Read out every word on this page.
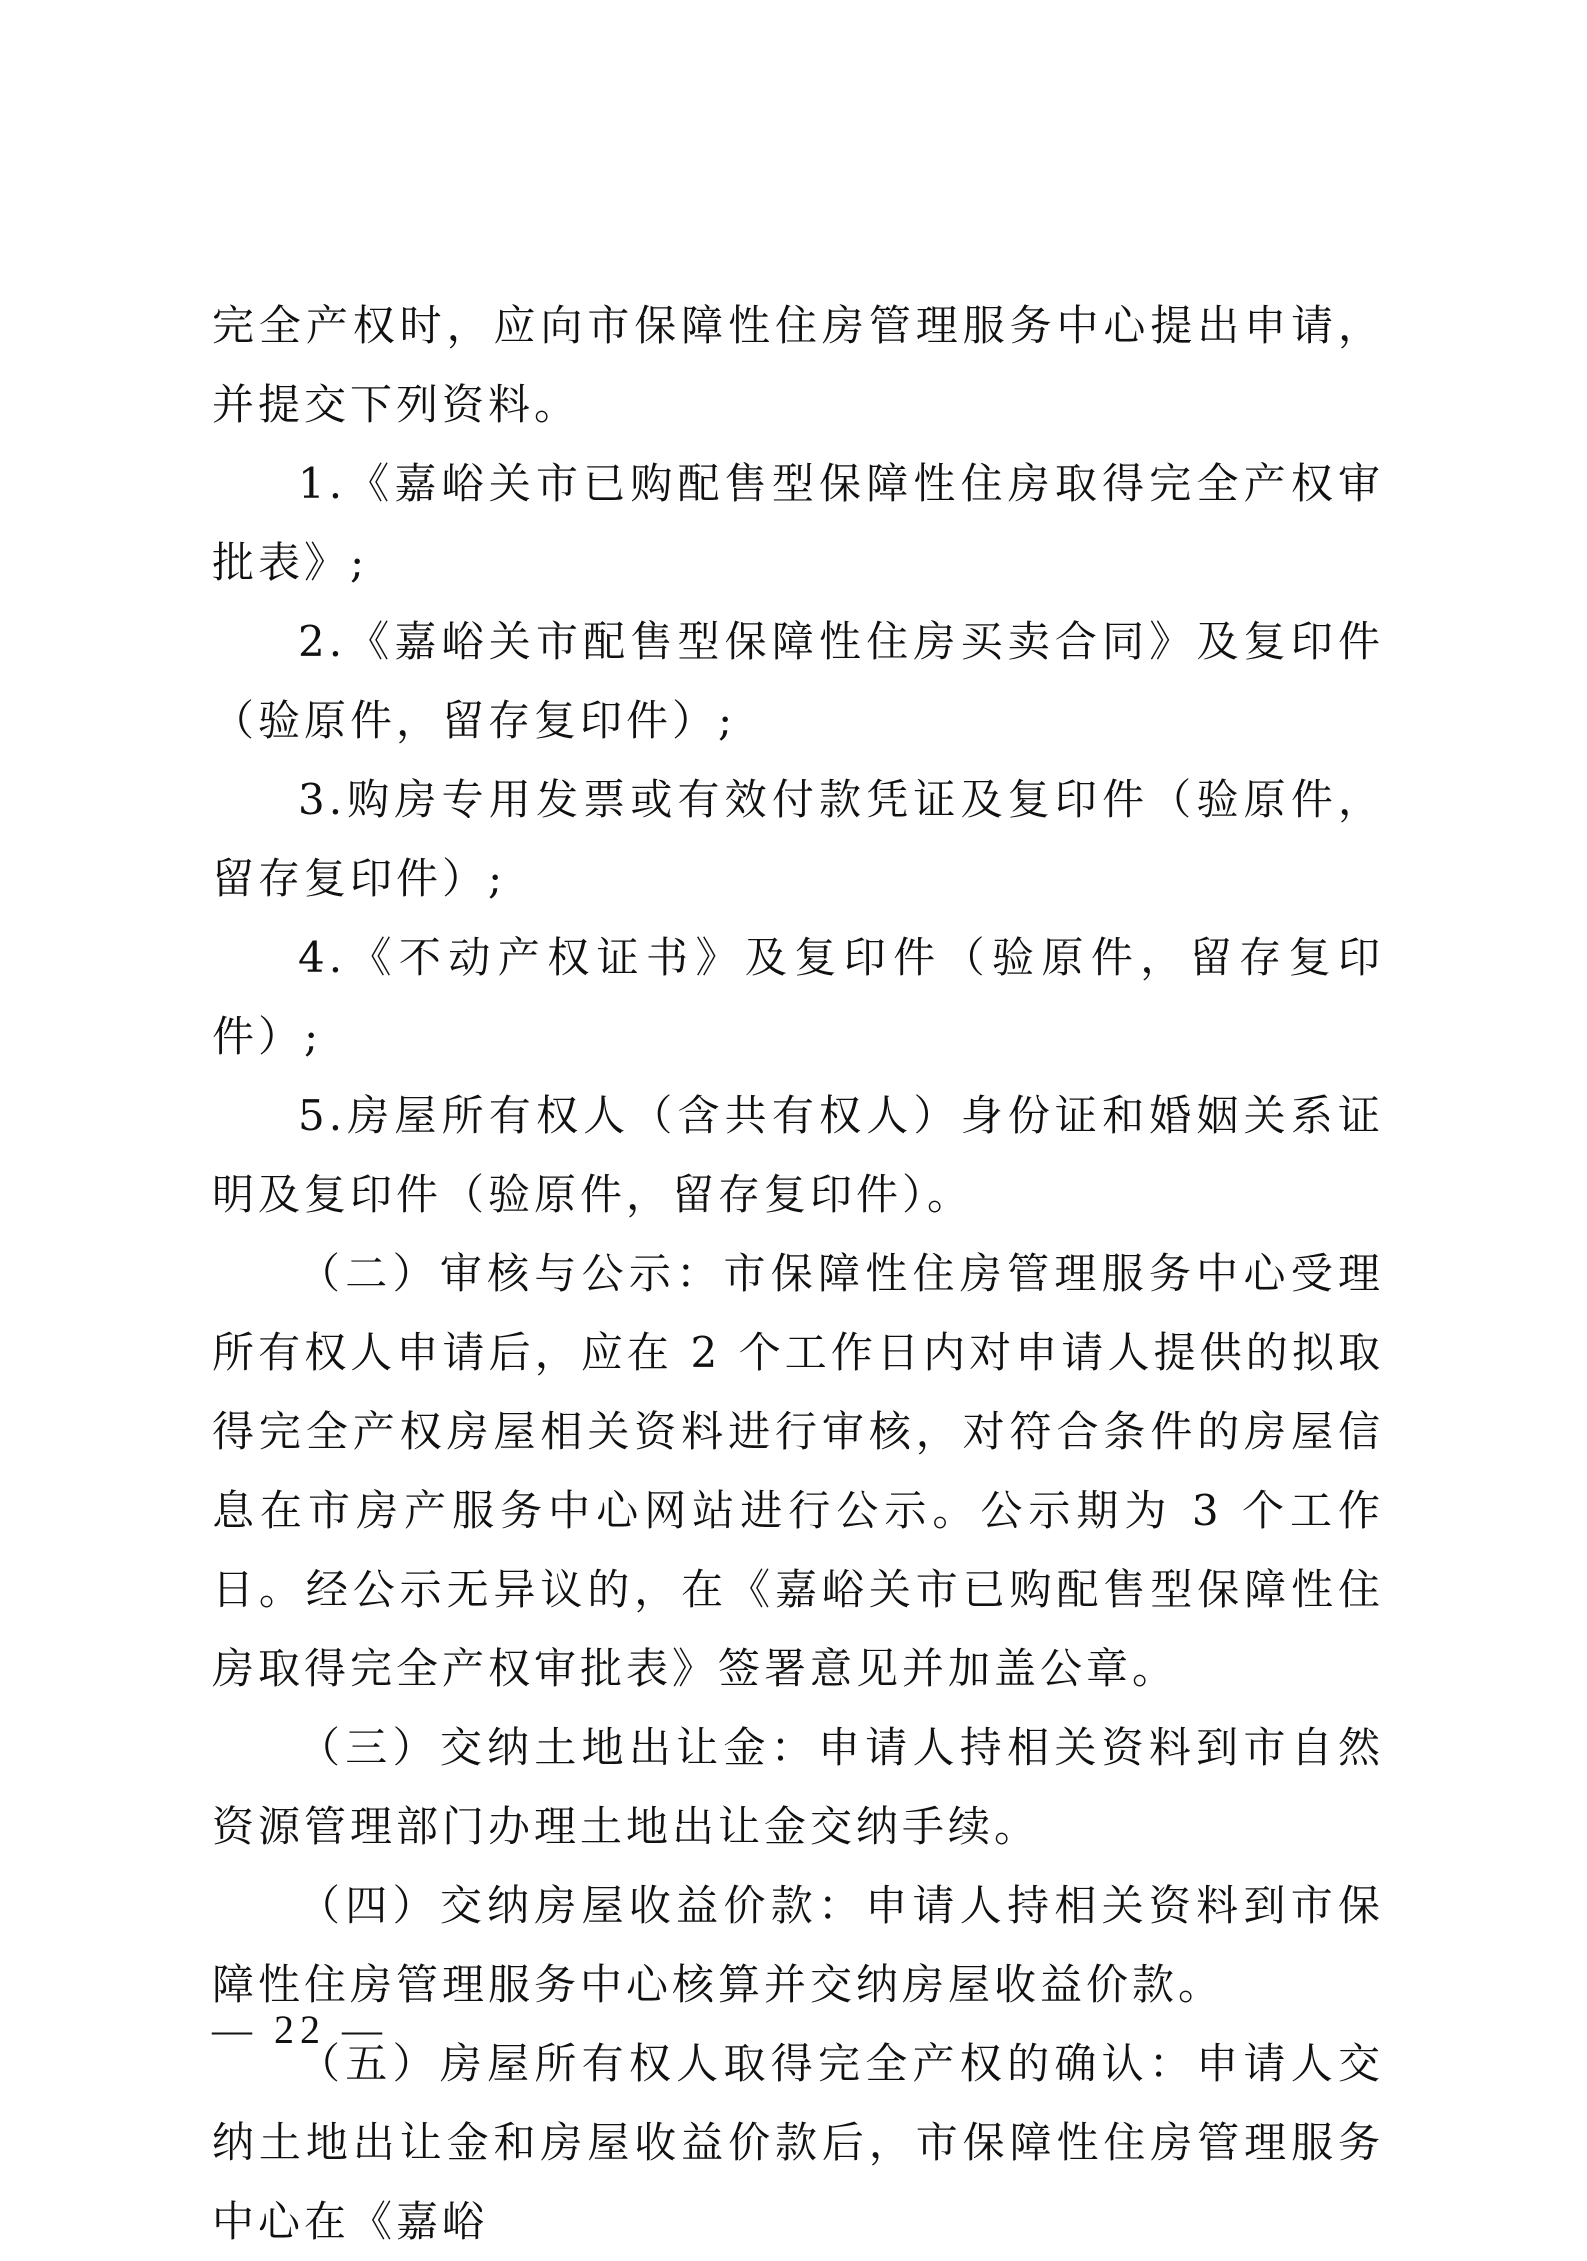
完全产权时，应向市保障性住房管理服务中心提出申请，并提交下列资料。

1.《嘉峪关市已购配售型保障性住房取得完全产权审批表》;

2.《嘉峪关市配售型保障性住房买卖合同》及复印件（验原件，留存复印件）;

3.购房专用发票或有效付款凭证及复印件（验原件，留存复印件）;

4.《不动产权证书》及复印件（验原件，留存复印件）;

5.房屋所有权人（含共有权人）身份证和婚姻关系证明及复印件（验原件，留存复印件）。

（二）审核与公示：市保障性住房管理服务中心受理所有权人申请后，应在 2 个工作日内对申请人提供的拟取得完全产权房屋相关资料进行审核，对符合条件的房屋信息在市房产服务中心网站进行公示。公示期为 3 个工作日。经公示无异议的，在《嘉峪关市已购配售型保障性住房取得完全产权审批表》签署意见并加盖公章。

（三）交纳土地出让金：申请人持相关资料到市自然资源管理部门办理土地出让金交纳手续。

（四）交纳房屋收益价款：申请人持相关资料到市保障性住房管理服务中心核算并交纳房屋收益价款。

（五）房屋所有权人取得完全产权的确认：申请人交纳土地出让金和房屋收益价款后，市保障性住房管理服务中心在《嘉峪

— 22 —
